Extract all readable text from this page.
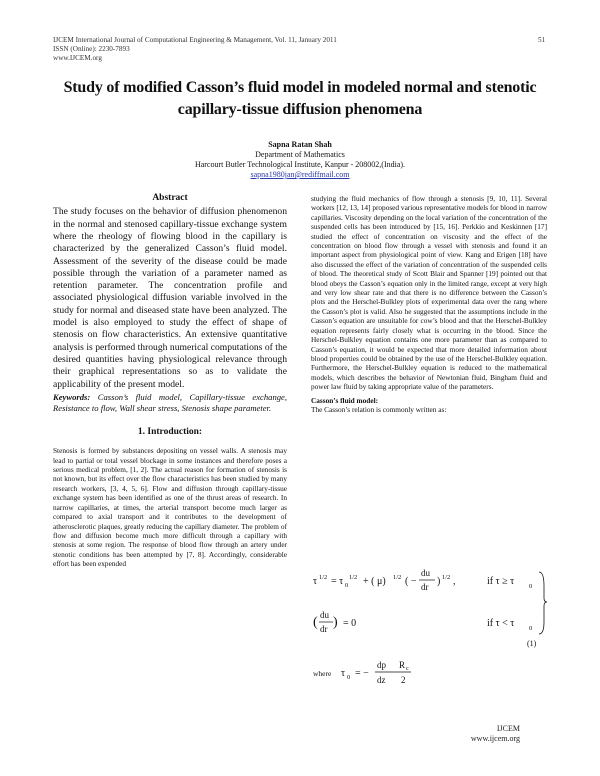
IJCEM International Journal of Computational Engineering & Management, Vol. 11, January 2011
ISSN (Online): 2230-7893
www.IJCEM.org
51
Study of modified Casson’s fluid model in modeled normal and stenotic capillary-tissue diffusion phenomena
Sapna Ratan Shah
Department of Mathematics
Harcourt Butler Technological Institute, Kanpur - 208002,(India).
sapna1980jan@rediffmail.com
Abstract
The study focuses on the behavior of diffusion phenomenon in the normal and stenosed capillary-tissue exchange system where the rheology of flowing blood in the capillary is characterized by the generalized Casson’s fluid model. Assessment of the severity of the disease could be made possible through the variation of a parameter named as retention parameter. The concentration profile and associated physiological diffusion variable involved in the study for normal and diseased state have been analyzed. The model is also employed to study the effect of shape of stenosis on flow characteristics. An extensive quantitative analysis is performed through numerical computations of the desired quantities having physiological relevance through their graphical representations so as to validate the applicability of the present model.
Keywords: Casson’s fluid model, Capillary-tissue exchange, Resistance to flow, Wall shear stress, Stenosis shape parameter.
1. Introduction:
Stenosis is formed by substances depositing on vessel walls. A stenosis may lead to partial or total vessel blockage in some instances and therefore poses a serious medical problem, [1, 2]. The actual reason for formation of stenosis is not known, but its effect over the flow characteristics has been studied by many research workers, [3, 4, 5, 6]. Flow and diffusion through capillary-tissue exchange system has been identified as one of the thrust areas of research. In narrow capillaries, at times, the arterial transport become much larger as compared to axial transport and it contributes to the development of atherosclerotic plaques, greatly reducing the capillary diameter. The problem of flow and diffusion become much more difficult through a capillary with stenosis at some region. The response of blood flow through an artery under stenotic conditions has been attempted by [7, 8]. Accordingly, considerable effort has been expended
studying the fluid mechanics of flow through a stenosis [9, 10, 11]. Several workers [12, 13, 14] proposed various representative models for blood in narrow capillaries. Viscosity depending on the local variation of the concentration of the suspended cells has been introduced by [15, 16]. Perkkio and Keskinnen [17] studied the effect of concentration on viscosity and the effect of the concentration on blood flow through a vessel with stenosis and found it an important aspect from physiological point of view. Kang and Erigen [18] have also discussed the effect of the variation of concentration of the suspended cells of blood. The theoretical study of Scott Blair and Spanner [19] pointed out that blood obeys the Casson’s equation only in the limited range, except at very high and very low shear rate and that there is no difference between the Casson’s plots and the Herschel-Bulkley plots of experimental data over the rang where the Casson’s plot is valid. Also he suggested that the assumptions include in the Casson’s equation are unsuitable for cow’s blood and that the Herschel-Bulkley equation represents fairly closely what is occurring in the blood. Since the Herschel-Bulkley equation contains one more parameter than as compared to Casson’s equation, it would be expected that more detailed information about blood properties could be obtained by the use of the Herschel-Bulkley equation. Furthermore, the Herschel-Bulkley equation is reduced to the mathematical models, which describes the behavior of Newtonian fluid, Bingham fluid and power law fluid by taking appropriate value of the parameters.
Casson’s fluid model:
The Casson’s relation is commonly written as:
τ 1/2 = τ 0
1/2 + ( μ) 1/2 ( −
du
dr ) 1/2 ,	if τ ≥ τ 0
( du
dr ) = 0	if τ < τ 0
(1)
where τ 0 = −
dp R c
dz 2
IJCEM
www.ijcem.org
